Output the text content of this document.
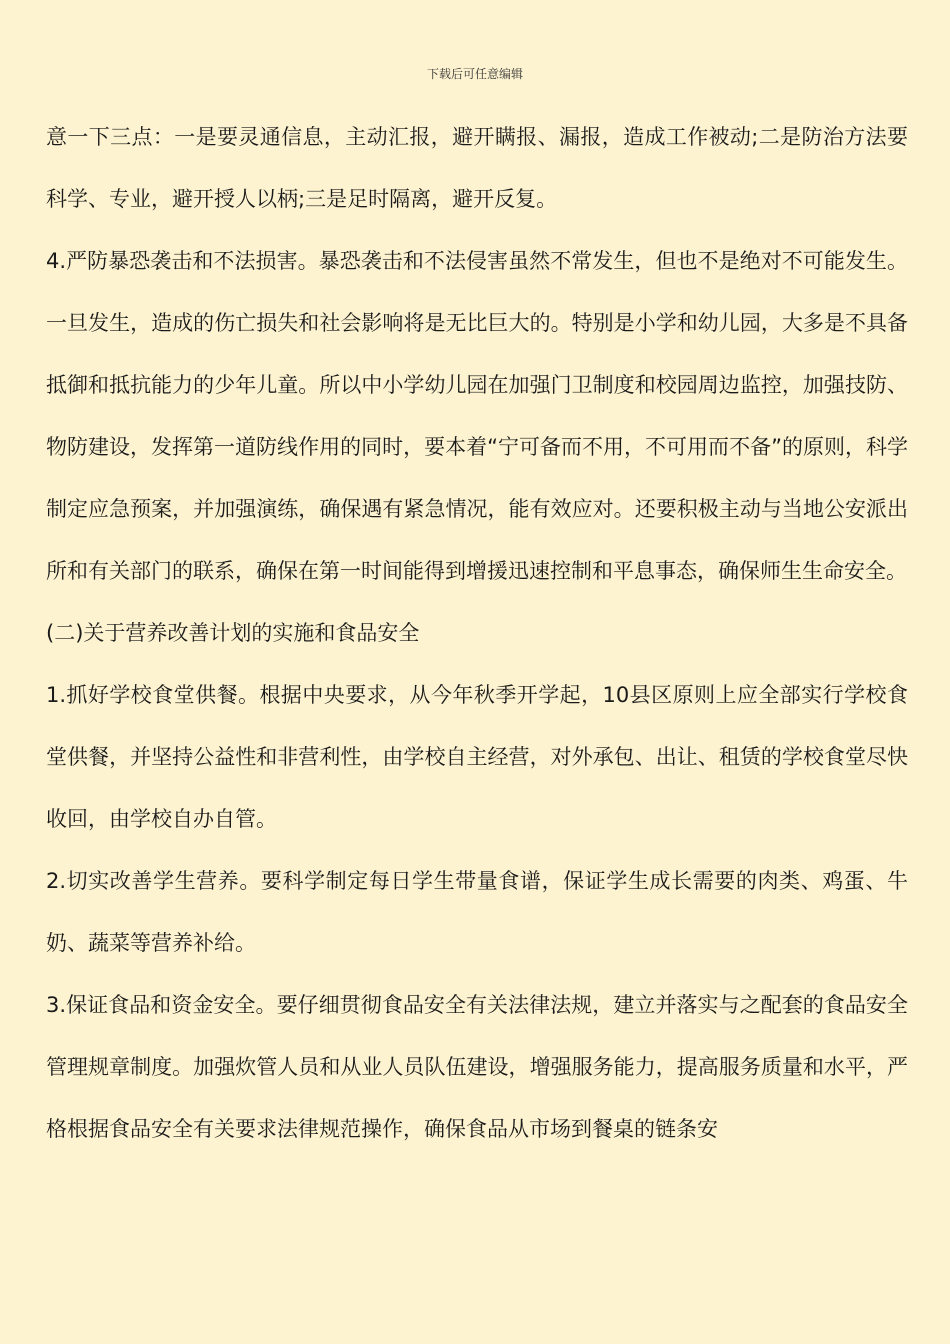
下载后可任意编辑

意一下三点：一是要灵通信息，主动汇报，避开瞒报、漏报，造成工作被动;二是防治方法要科学、专业，避开授人以柄;三是足时隔离，避开反复。

4.严防暴恐袭击和不法损害。暴恐袭击和不法侵害虽然不常发生，但也不是绝对不可能发生。一旦发生，造成的伤亡损失和社会影响将是无比巨大的。特别是小学和幼儿园，大多是不具备抵御和抵抗能力的少年儿童。所以中小学幼儿园在加强门卫制度和校园周边监控，加强技防、物防建设，发挥第一道防线作用的同时，要本着“宁可备而不用，不可用而不备”的原则，科学制定应急预案，并加强演练，确保遇有紧急情况，能有效应对。还要积极主动与当地公安派出所和有关部门的联系，确保在第一时间能得到增援迅速控制和平息事态，确保师生生命安全。

(二)关于营养改善计划的实施和食品安全

1.抓好学校食堂供餐。根据中央要求，从今年秋季开学起，10县区原则上应全部实行学校食堂供餐，并坚持公益性和非营利性，由学校自主经营，对外承包、出让、租赁的学校食堂尽快收回，由学校自办自管。

2.切实改善学生营养。要科学制定每日学生带量食谱，保证学生成长需要的肉类、鸡蛋、牛奶、蔬菜等营养补给。

3.保证食品和资金安全。要仔细贯彻食品安全有关法律法规，建立并落实与之配套的食品安全管理规章制度。加强炊管人员和从业人员队伍建设，增强服务能力，提高服务质量和水平，严格根据食品安全有关要求法律规范操作，确保食品从市场到餐桌的链条安
